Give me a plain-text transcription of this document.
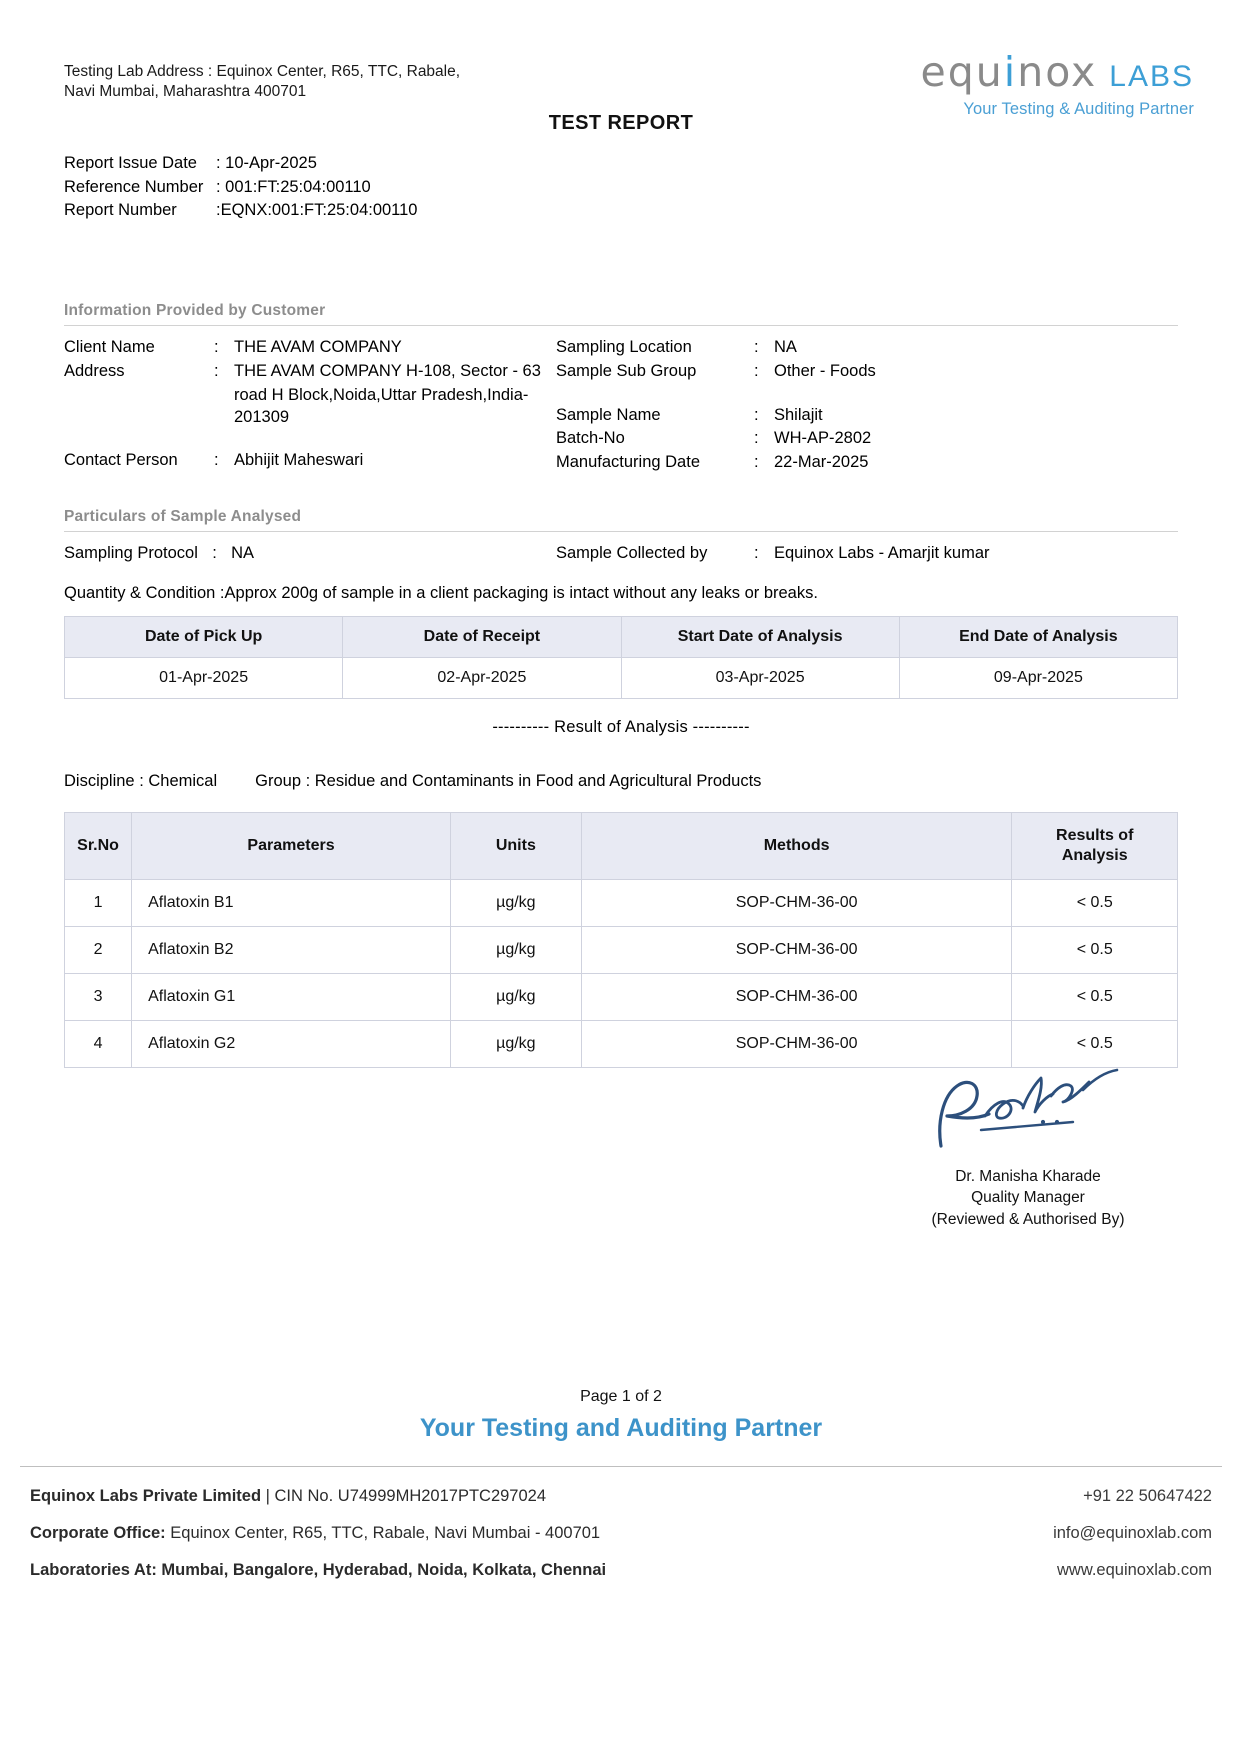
Testing Lab Address : Equinox Center, R65, TTC, Rabale, Navi Mumbai, Maharashtra 400701	equinox LABS
Your Testing & Auditing Partner
TEST REPORT
Report Issue Date	: 10-Apr-2025
Reference Number : 001:FT:25:04:00110
Report Number	:EQNX:001:FT:25:04:00110
Information Provided by Customer
Client Name	: THE AVAM COMPANY
Address	: THE AVAM COMPANY H-108, Sector - 63
road H Block,Noida,Uttar Pradesh,India-
201309
Contact Person	: Abhijit Maheswari
Sampling Location	: NA
Sample Sub Group	: Other - Foods
Sample Name	: Shilajit
Batch-No	: WH-AP-2802
Manufacturing Date	: 22-Mar-2025
Particulars of Sample Analysed
Sampling Protocol : NA	Sample Collected by	: Equinox Labs - Amarjit kumar
Quantity & Condition : Approx 200g of sample in a client packaging is intact without any leaks or breaks.
Date of Pick Up	Date of Receipt	Start Date of Analysis	End Date of Analysis
01-Apr-2025	02-Apr-2025	03-Apr-2025	09-Apr-2025
---------- Result of Analysis ----------
Discipline : Chemical Group : Residue and Contaminants in Food and Agricultural Products
Sr.No	Parameters	Units	Methods	Results of
Analysis
1	Aflatoxin B1	µg/kg	SOP-CHM-36-00	< 0.5
2	Aflatoxin B2	µg/kg	SOP-CHM-36-00	< 0.5
3	Aflatoxin G1	µg/kg	SOP-CHM-36-00	< 0.5
4	Aflatoxin G2	µg/kg	SOP-CHM-36-00	< 0.5
Dr. Manisha Kharade
Quality Manager
(Reviewed & Authorised By)
Page 1 of 2
Your Testing and Auditing Partner
Equinox Labs Private Limited | CIN No. U74999MH2017PTC297024	+91 22 50647422
Corporate Office: Equinox Center, R65, TTC, Rabale, Navi Mumbai - 400701	info@equinoxlab.com
Laboratories At: Mumbai, Bangalore, Hyderabad, Noida, Kolkata, Chennai	www.equinoxlab.com
